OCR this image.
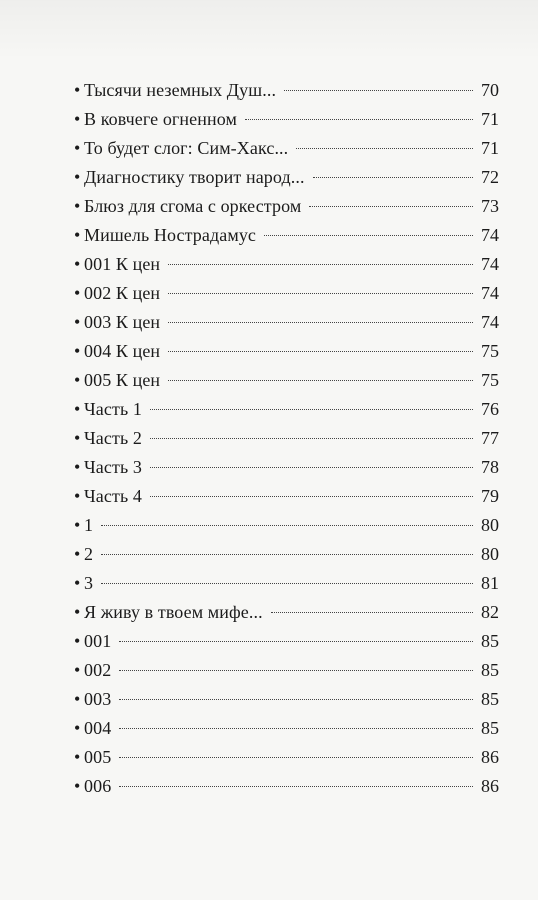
• Тысячи неземных Душ...	70
• В ковчеге огненном	71
• То будет слог: Сим-Хакс...	71
• Диагностику творит народ...	72
• Блюз для сгома с оркестром	73
• Мишель Нострадамус	74
• 001 К цен	74
• 002 К цен	74
• 003 К цен	74
• 004 К цен	75
• 005 К цен	75
• Часть 1	76
• Часть 2	77
• Часть 3	78
• Часть 4	79
• 1	80
• 2	80
• 3	81
• Я живу в твоем мифе...	82
• 001	85
• 002	85
• 003	85
• 004	85
• 005	86
• 006	86
